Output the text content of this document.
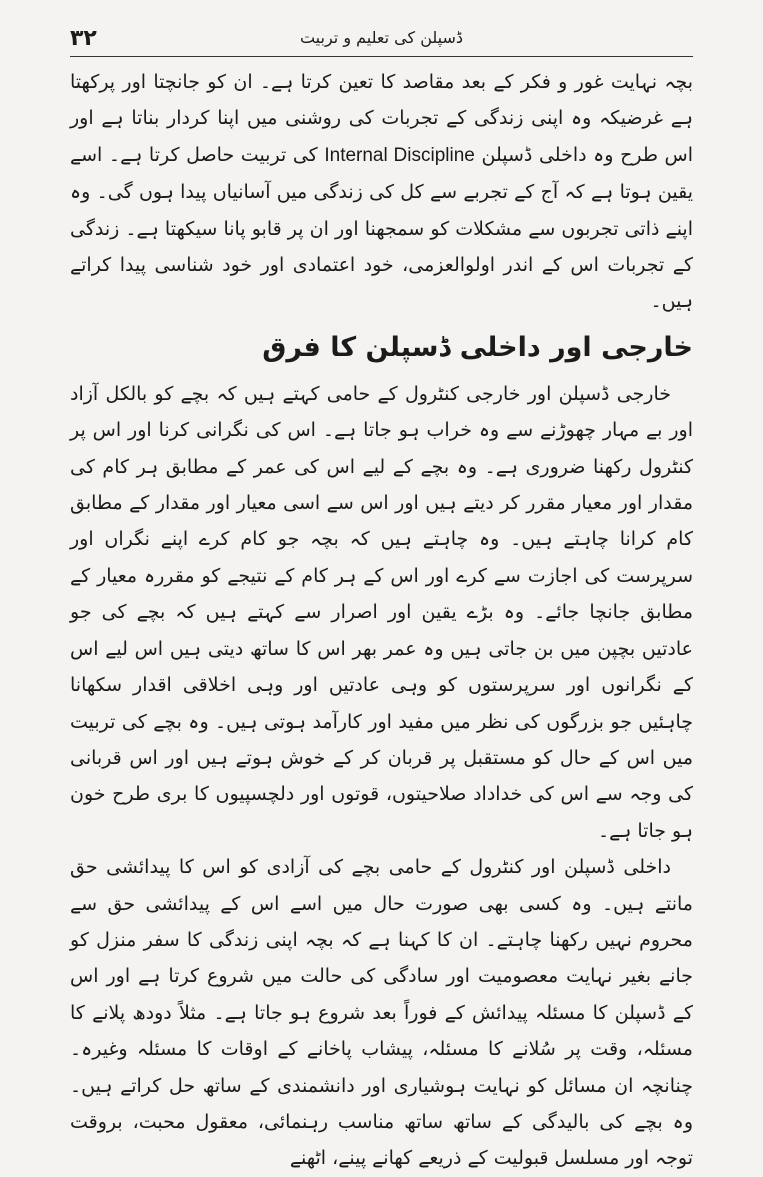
۳۲	ڈسپلن کی تعلیم و تربیت

بچہ نہایت غور و فکر کے بعد مقاصد کا تعین کرتا ہے۔ ان کو جانچتا اور پرکھتا ہے غرضیکہ وہ اپنی زندگی کے تجربات کی روشنی میں اپنا کردار بناتا ہے اور اس طرح وہ داخلی ڈسپلن Internal Discipline کی تربیت حاصل کرتا ہے۔ اسے یقین ہوتا ہے کہ آج کے تجربے سے کل کی زندگی میں آسانیاں پیدا ہوں گی۔ وہ اپنے ذاتی تجربوں سے مشکلات کو سمجھنا اور ان پر قابو پانا سیکھتا ہے۔ زندگی کے تجربات اس کے اندر اولوالعزمی، خود اعتمادی اور خود شناسی پیدا کراتے ہیں۔

خارجی اور داخلی ڈسپلن کا فرق

خارجی ڈسپلن اور خارجی کنٹرول کے حامی کہتے ہیں کہ بچے کو بالکل آزاد اور بے مہار چھوڑنے سے وہ خراب ہو جاتا ہے۔ اس کی نگرانی کرنا اور اس پر کنٹرول رکھنا ضروری ہے۔ وہ بچے کے لیے اس کی عمر کے مطابق ہر کام کی مقدار اور معیار مقرر کر دیتے ہیں اور اس سے اسی معیار اور مقدار کے مطابق کام کرانا چاہتے ہیں۔ وہ چاہتے ہیں کہ بچہ جو کام کرے اپنے نگراں اور سرپرست کی اجازت سے کرے اور اس کے ہر کام کے نتیجے کو مقررہ معیار کے مطابق جانچا جائے۔ وہ بڑے یقین اور اصرار سے کہتے ہیں کہ بچے کی جو عادتیں بچپن میں بن جاتی ہیں وہ عمر بھر اس کا ساتھ دیتی ہیں اس لیے اس کے نگرانوں اور سرپرستوں کو وہی عادتیں اور وہی اخلاقی اقدار سکھانا چاہئیں جو بزرگوں کی نظر میں مفید اور کارآمد ہوتی ہیں۔ وہ بچے کی تربیت میں اس کے حال کو مستقبل پر قربان کر کے خوش ہوتے ہیں اور اس قربانی کی وجہ سے اس کی خداداد صلاحیتوں، قوتوں اور دلچسپیوں کا بری طرح خون ہو جاتا ہے۔

داخلی ڈسپلن اور کنٹرول کے حامی بچے کی آزادی کو اس کا پیدائشی حق مانتے ہیں۔ وہ کسی بھی صورت حال میں اسے اس کے پیدائشی حق سے محروم نہیں رکھنا چاہتے۔ ان کا کہنا ہے کہ بچہ اپنی زندگی کا سفر منزل کو جانے بغیر نہایت معصومیت اور سادگی کی حالت میں شروع کرتا ہے اور اس کے ڈسپلن کا مسئلہ پیدائش کے فوراً بعد شروع ہو جاتا ہے۔ مثلاً دودھ پلانے کا مسئلہ، وقت پر سُلانے کا مسئلہ، پیشاب پاخانے کے اوقات کا مسئلہ وغیرہ۔ چنانچہ ان مسائل کو نہایت ہوشیاری اور دانشمندی کے ساتھ حل کراتے ہیں۔ وہ بچے کی بالیدگی کے ساتھ ساتھ مناسب رہنمائی، معقول محبت، بروقت توجہ اور مسلسل قبولیت کے ذریعے کھانے پینے، اٹھنے
